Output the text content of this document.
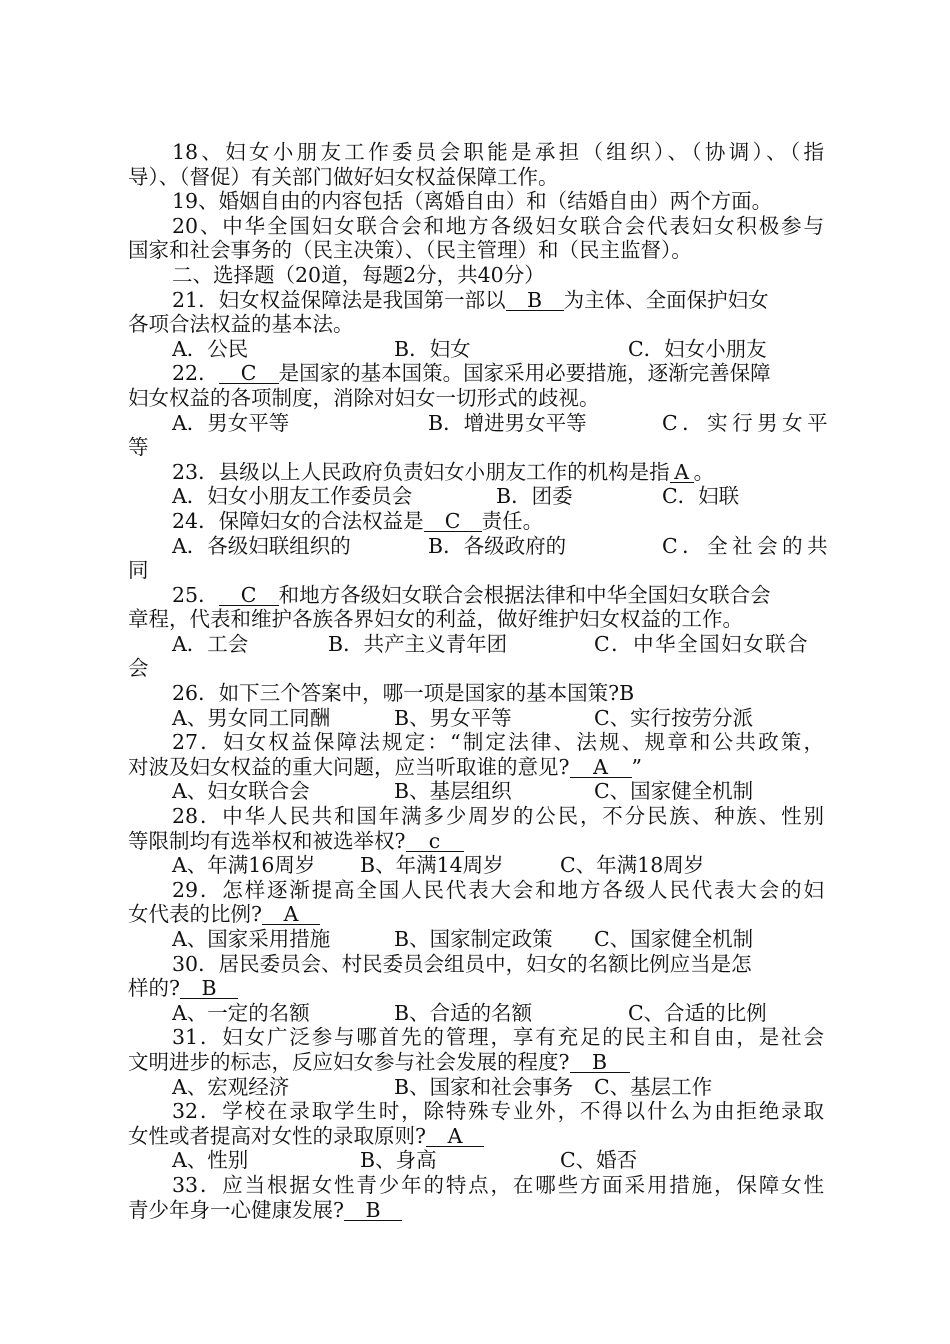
18、妇女小朋友工作委员会职能是承担（组织）、（协调）、（指
导）、（督促）有关部门做好妇女权益保障工作。
19、婚姻自由的内容包括（离婚自由）和（结婚自由）两个方面。
20、中华全国妇女联合会和地方各级妇女联合会代表妇女积极参与
国家和社会事务的（民主决策）、（民主管理）和（民主监督）。
二、选择题（20道，每题2分，共40分）
21．妇女权益保障法是我国第一部以 B 为主体、全面保护妇女
各项合法权益的基本法。
A．公民	B．妇女	C．妇女小朋友
22． C 是国家的基本国策。国家采用必要措施，逐渐完善保障
妇女权益的各项制度，消除对妇女一切形式的歧视。
A．男女平等	B．增进男女平等	C．实行男女平
等
23．县级以上人民政府负责妇女小朋友工作的机构是指 A 。
A．妇女小朋友工作委员会	B．团委	C．妇联
24．保障妇女的合法权益是 C 责任。
A．各级妇联组织的	B．各级政府的	C．全社会的共
同
25． C 和地方各级妇女联合会根据法律和中华全国妇女联合会
章程，代表和维护各族各界妇女的利益，做好维护妇女权益的工作。
A．工会	B．共产主义青年团	C．中华全国妇女联合
会
26．如下三个答案中，哪一项是国家的基本国策?B
A、男女同工同酬	B、男女平等	C、实行按劳分派
27．妇女权益保障法规定：“制定法律、法规、规章和公共政策，
对波及妇女权益的重大问题，应当听取谁的意见? A ”
A、妇女联合会	B、基层组织	C、国家健全机制
28．中华人民共和国年满多少周岁的公民，不分民族、种族、性别
等限制均有选举权和被选举权? c
A、年满16周岁 B、年满14周岁	C、年满18周岁
29．怎样逐渐提高全国人民代表大会和地方各级人民代表大会的妇
女代表的比例? A
A、国家采用措施	B、国家制定政策 C、国家健全机制
30．居民委员会、村民委员会组员中，妇女的名额比例应当是怎
样的? B
A、一定的名额	B、合适的名额	C、合适的比例
31．妇女广泛参与哪首先的管理，享有充足的民主和自由，是社会
文明进步的标志，反应妇女参与社会发展的程度? B
A、宏观经济	B、国家和社会事务 C、基层工作
32．学校在录取学生时，除特殊专业外，不得以什么为由拒绝录取
女性或者提高对女性的录取原则? A
A、性别	B、身高	C、婚否
33．应当根据女性青少年的特点，在哪些方面采用措施，保障女性
青少年身一心健康发展? B
